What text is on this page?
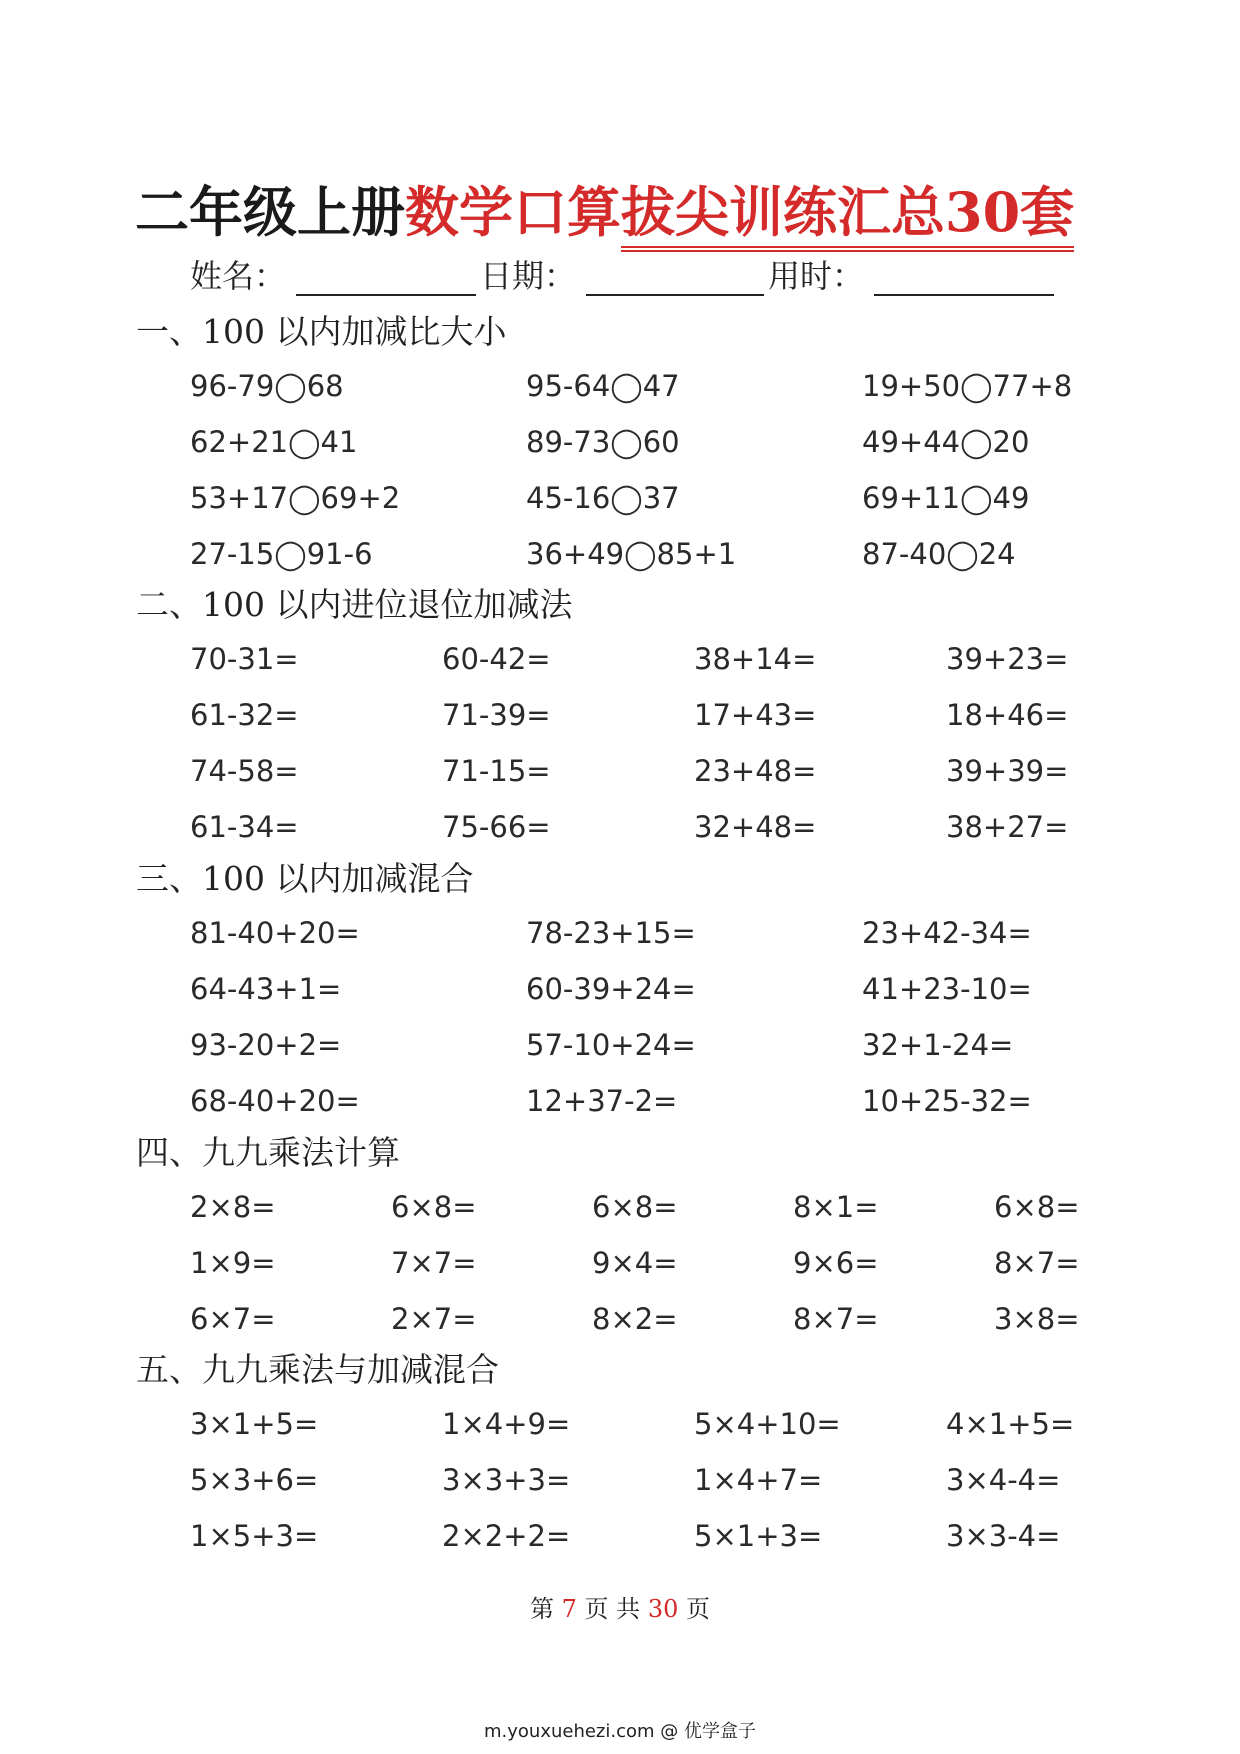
二年级上册数学口算拔尖训练汇总30套
姓名：	日期：	用时：
一、100 以内加减比大小
96-79◯68	95-64◯47	19+50◯77+8
62+21◯41	89-73◯60	49+44◯20
53+17◯69+2	45-16◯37	69+11◯49
27-15◯91-6	36+49◯85+1	87-40◯24
二、100 以内进位退位加减法
70-31=	60-42=	38+14=	39+23=
61-32=	71-39=	17+43=	18+46=
74-58=	71-15=	23+48=	39+39=
61-34=	75-66=	32+48=	38+27=
三、100 以内加减混合
81-40+20=	78-23+15=	23+42-34=
64-43+1=	60-39+24=	41+23-10=
93-20+2=	57-10+24=	32+1-24=
68-40+20=	12+37-2=	10+25-32=
四、九九乘法计算
2×8=	6×8=	6×8=	8×1=	6×8=
1×9=	7×7=	9×4=	9×6=	8×7=
6×7=	2×7=	8×2=	8×7=	3×8=
五、九九乘法与加减混合
3×1+5=	1×4+9=	5×4+10=	4×1+5=
5×3+6=	3×3+3=	1×4+7=	3×4-4=
1×5+3=	2×2+2=	5×1+3=	3×3-4=
第 7 页 共 30 页
m.youxuehezi.com @ 优学盒子
